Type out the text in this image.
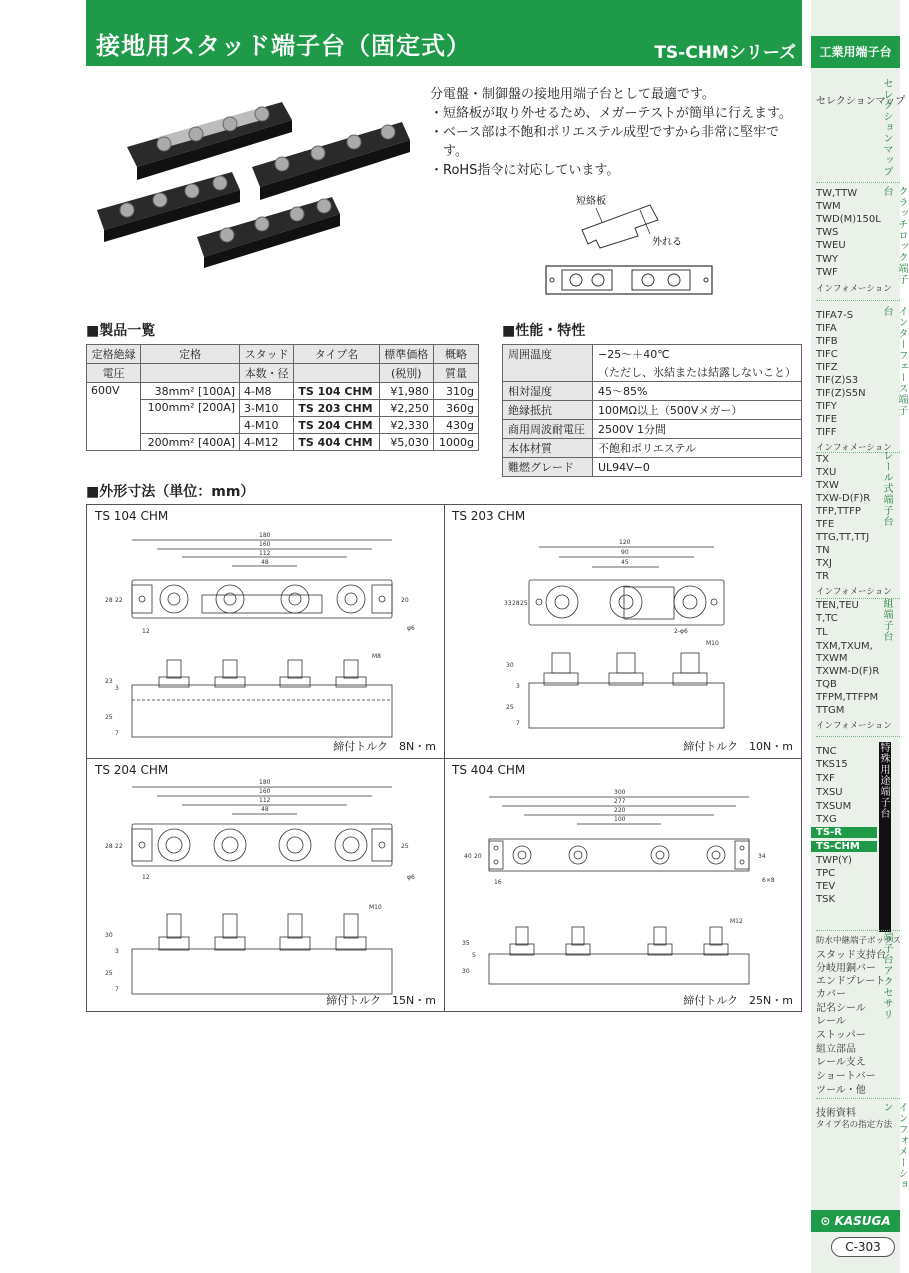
接地用スタッド端子台（固定式）	TS-CHMシリーズ	工業用端子台
セレクションマップ
セレクションマップ
TW,TTW
TWM
TWD(M)150L
TWS
TWEU
TWY
TWF
インフォメーション
クラッチロック端子台
TIFA7-S
TIFA
TIFB
TIFC
TIFZ
TIF(Z)S3
TIF(Z)S5N
TIFY
TIFE
TIFF
インフォメーション
インターフェース端子台
TX
TXU
TXW
TXW-D(F)R
TFP,TTFP
TFE
TTG,TT,TTJ
TN
TXJ
TR
インフォメーション
レール式端子台
TEN,TEU
T,TC
TL
TXM,TXUM,
TXWM
TXWM-D(F)R
TQB
TFPM,TTFPM
TTGM
インフォメーション
組端子台
TNC
TKS15
TXF
TXSU
TXSUM
TXG
TS-R
TS-CHM
TWP(Y)
TPC
TEV
TSK
特殊用途端子台
防水中継端子ボックス
スタッド支持台
分岐用銅バー
エンドプレート
カバー
記名シール
レール
ストッパー
組立部品
レール支え
ショートバー
ツール・他
端子台アクセサリ
技術資料
タイプ名の指定方法 インフォメーション
⊙ KASUGA
C-303
分電盤・制御盤の接地用端子台として最適です。
・短絡板が取り外せるため、メガーテストが簡単に行えます。
・ベース部は不飽和ポリエステル成型ですから非常に堅牢で
　す。
・RoHS指令に対応しています。
短絡板
外れる
■製品一覧	■性能・特性
■外形寸法（単位：mm）
定格絶縁	定格	スタッド	タイプ名	標準価格	概略
電圧		本数・径		(税別)	質量
600V	38mm² [100A]	4-M8	TS 104 CHM	¥1,980	310g
	100mm² [200A]	3-M10	TS 203 CHM	¥2,250	360g
		4-M10	TS 204 CHM	¥2,330	430g
	200mm² [400A]	4-M12	TS 404 CHM	¥5,030	1000g
周囲温度	−25〜＋40℃
	（ただし、氷結または結露しないこと）
相対湿度	45〜85%
絶縁抵抗	100MΩ以上（500Vメガー）
商用周波耐電圧	2500V 1分間
本体材質	不飽和ポリエステル
難燃グレード	UL94V−0
TS 104 CHM
180
160
112
48
28 22	20
12	φ6
M8
23
3
25
7
締付トルク　8N・m
TS 203 CHM
120
90
45
33 28 25
2-φ6
M10
30
3
25
7
締付トルク　10N・m
TS 204 CHM
180
160
112
48
28 22	25
12	φ6
M10
30
3
25
7
締付トルク　15N・m
TS 404 CHM
300
277
220
100
40 20	34
16	6×8
M12
35
5
30
締付トルク　25N・m
